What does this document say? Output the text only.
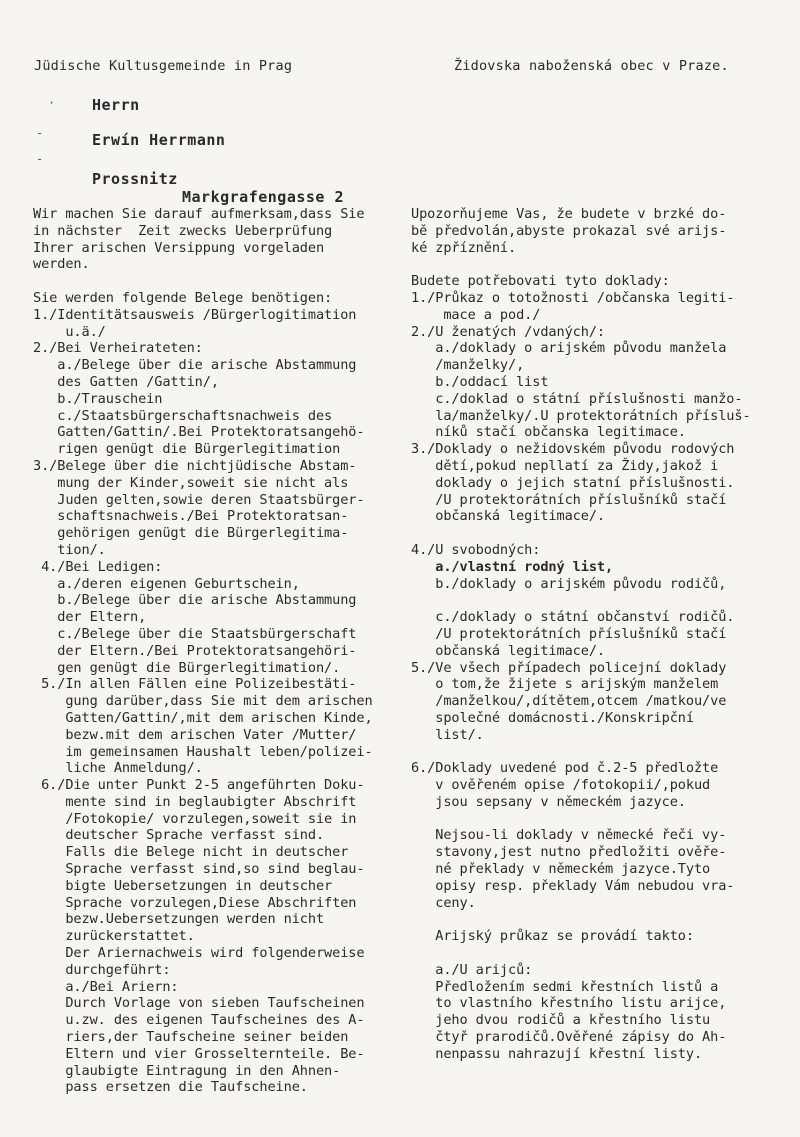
Jüdische Kultusgemeinde in Prag	Židovska naboženská obec v Praze.
·
-
-
Herrn
Erwín Herrmann
Prossnitz
Markgrafengasse 2
Wir machen Sie darauf aufmerksam,dass Sie
in nächster  Zeit zwecks Ueberprüfung
Ihrer arischen Versippung vorgeladen
werden.

Sie werden folgende Belege benötigen:
1./Identitätsausweis /Bürgerlogitimation
u.ä./
2./Bei Verheirateten:
a./Belege über die arische Abstammung
des Gatten /Gattin/,
b./Trauschein
c./Staatsbürgerschaftsnachweis des
Gatten/Gattin/.Bei Protektoratsangehö-
rigen genügt die Bürgerlegitimation
3./Belege über die nichtjüdische Abstam-
mung der Kinder,soweit sie nicht als
Juden gelten,sowie deren Staatsbürger-
schaftsnachweis./Bei Protektoratsan-
gehörigen genügt die Bürgerlegitima-
tion/.
4./Bei Ledigen:
a./deren eigenen Geburtschein,
b./Belege über die arische Abstammung
der Eltern,
c./Belege über die Staatsbürgerschaft
der Eltern./Bei Protektoratsangehöri-
gen genügt die Bürgerlegitimation/.
5./In allen Fällen eine Polizeibestäti-
gung darüber,dass Sie mit dem arischen
Gatten/Gattin/,mit dem arischen Kinde,
bezw.mit dem arischen Vater /Mutter/
im gemeinsamen Haushalt leben/polizei-
liche Anmeldung/.
6./Die unter Punkt 2-5 angeführten Doku-
mente sind in beglaubigter Abschrift
/Fotokopie/ vorzulegen,soweit sie in
deutscher Sprache verfasst sind.
Falls die Belege nicht in deutscher
Sprache verfasst sind,so sind beglau-
bigte Uebersetzungen in deutscher
Sprache vorzulegen,Diese Abschriften
bezw.Uebersetzungen werden nicht
zurückerstattet.
Der Ariernachweis wird folgenderweise
durchgeführt:
a./Bei Ariern:
Durch Vorlage von sieben Taufscheinen
u.zw. des eigenen Taufscheines des A-
riers,der Taufscheine seiner beiden
Eltern und vier Grosselternteile. Be-
glaubigte Eintragung in den Ahnen-
pass ersetzen die Taufscheine.
Upozorňujeme Vas, že budete v brzké do-
bě předvolán,abyste prokazal své arijs-
ké zpříznění.

Budete potřebovati tyto doklady:
1./Průkaz o totožnosti /občanska legiti-
mace a pod./
2./U ženatých /vdaných/:
a./doklady o arijském původu manžela
/manželky/,
b./oddací list
c./doklad o státní příslušnosti manžo-
la/manželky/.U protektorátních přísluš-
níků stačí občanska legitimace.
3./Doklady o nežidovském původu rodových
dětí,pokud nepllatí za Židy,jakož i
doklady o jejich statní příslušnosti.
/U protektorátních příslušníků stačí
občanská legitimace/.

4./U svobodných:
a./vlastní rodný list,
b./doklady o arijském původu rodičů,

c./doklady o státní občanství rodičů.
/U protektorátních příslušníků stačí
občanská legitimace/.
5./Ve všech případech policejní doklady
o tom,že žijete s arijským manželem
/manželkou/,dítětem,otcem /matkou/ve
společné domácnosti./Konskripční
list/.

6./Doklady uvedené pod č.2-5 předložte
v ověřeném opise /fotokopii/,pokud
jsou sepsany v německém jazyce.

Nejsou-li doklady v německé řeči vy-
stavony,jest nutno předložiti ověře-
né překlady v německém jazyce.Tyto
opisy resp. překlady Vám nebudou vra-
ceny.

Arijský průkaz se provádí takto:

a./U arijců:
Předložením sedmi křestních listů a
to vlastního křestního listu arijce,
jeho dvou rodičů a křestního listu
čtyř prarodičů.Ověřené zápisy do Ah-
nenpassu nahrazují křestní listy.
